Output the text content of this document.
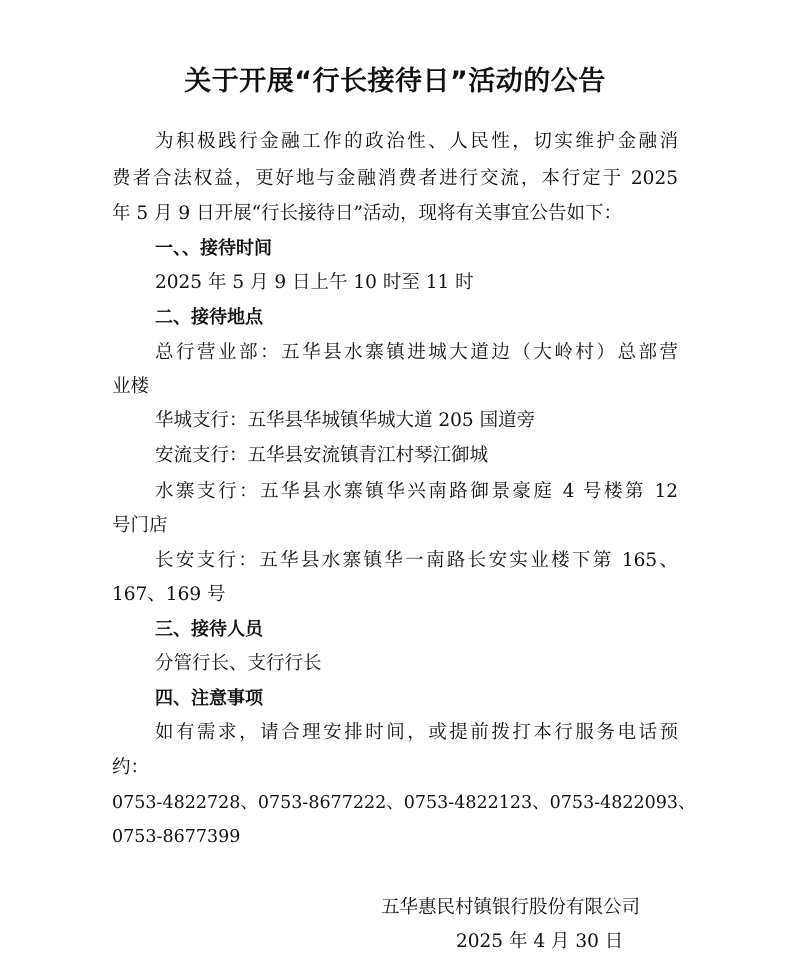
关于开展“行长接待日”活动的公告
为积极践行金融工作的政治性、人民性，切实维护金融消
费者合法权益，更好地与金融消费者进行交流，本行定于 2025
年 5 月 9 日开展“行长接待日”活动，现将有关事宜公告如下：
一、、接待时间
2025 年 5 月 9 日上午 10 时至 11 时
二、接待地点
总行营业部：五华县水寨镇进城大道边（大岭村）总部营
业楼
华城支行：五华县华城镇华城大道 205 国道旁
安流支行：五华县安流镇青江村琴江御城
水寨支行：五华县水寨镇华兴南路御景豪庭 4 号楼第 12
号门店
长安支行：五华县水寨镇华一南路长安实业楼下第 165、
167、169 号
三、接待人员
分管行长、支行行长
四、注意事项
如有需求，请合理安排时间，或提前拨打本行服务电话预
约：
0753-4822728、0753-8677222、0753-4822123、0753-4822093、
0753-8677399
五华惠民村镇银行股份有限公司
2025 年 4 月 30 日
